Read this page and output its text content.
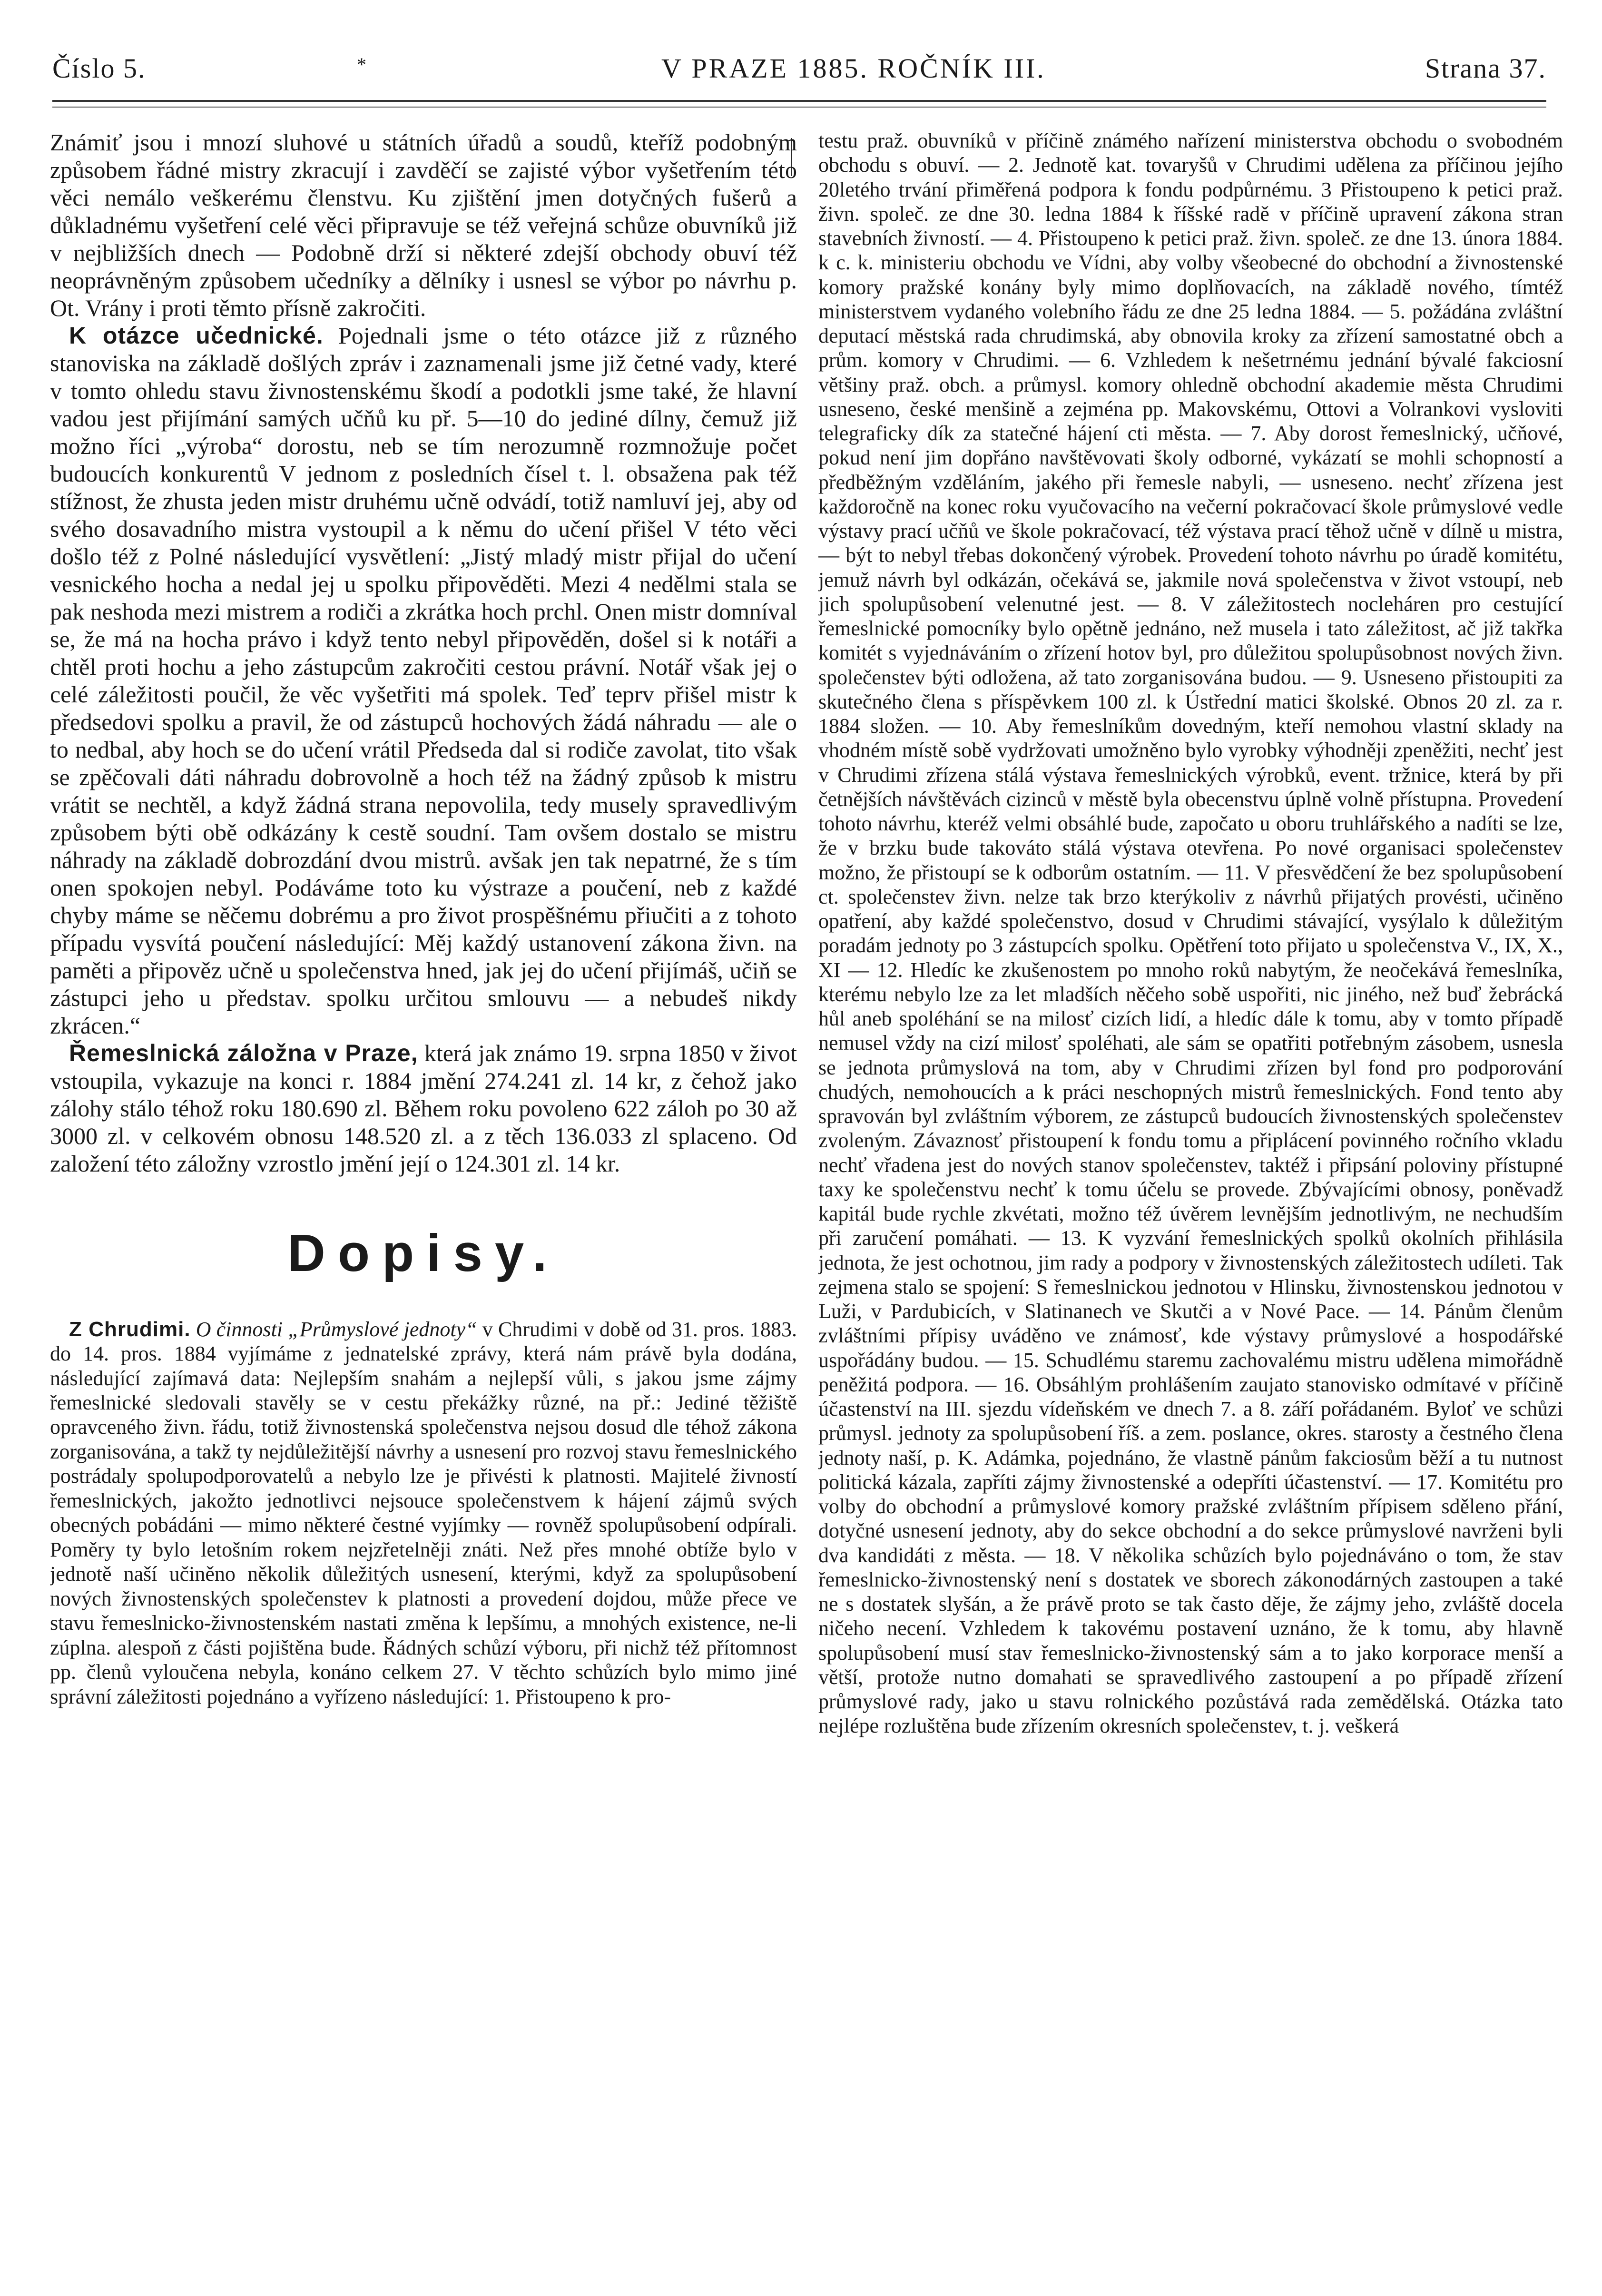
Číslo 5.	*	V PRAZE 1885. ROČNÍK III.	Strana 37.

Známiť jsou i mnozí sluhové u státních úřadů a soudů, kteříž podobným způsobem řádné mistry zkracují i zavděčí se zajisté výbor vyšetřením této věci nemálo veškerému členstvu. Ku zjištění jmen dotyčných fušerů a důkladnému vyšetření celé věci připravuje se též veřejná schůze obuvníků již v nejbližších dnech — Podobně drží si některé zdejší obchody obuví též neoprávněným způsobem učedníky a dělníky i usnesl se výbor po návrhu p. Ot. Vrány i proti těmto přísně zakročiti.

K otázce učednické. Pojednali jsme o této otázce již z různého stanoviska na základě došlých zpráv i zaznamenali jsme již četné vady, které v tomto ohledu stavu živnostenskému škodí a podotkli jsme také, že hlavní vadou jest přijímání samých učňů ku př. 5—10 do jediné dílny, čemuž již možno říci „výroba“ dorostu, neb se tím nerozumně rozmnožuje počet budoucích konkurentů V jednom z posledních čísel t. l. obsažena pak též stížnost, že zhusta jeden mistr druhému učně odvádí, totiž namluví jej, aby od svého dosavadního mistra vystoupil a k němu do učení přišel V této věci došlo též z Polné následující vysvětlení: „Jistý mladý mistr přijal do učení vesnického hocha a nedal jej u spolku připověděti. Mezi 4 nedělmi stala se pak neshoda mezi mistrem a rodiči a zkrátka hoch prchl. Onen mistr domníval se, že má na hocha právo i když tento nebyl připověděn, došel si k notáři a chtěl proti hochu a jeho zástupcům zakročiti cestou právní. Notář však jej o celé záležitosti poučil, že věc vyšetřiti má spolek. Teď teprv přišel mistr k předsedovi spolku a pravil, že od zástupců hochových žádá náhradu — ale o to nedbal, aby hoch se do učení vrátil Předseda dal si rodiče zavolat, tito však se zpěčovali dáti náhradu dobrovolně a hoch též na žádný způsob k mistru vrátit se nechtěl, a když žádná strana nepovolila, tedy musely spravedlivým způsobem býti obě odkázány k cestě soudní. Tam ovšem dostalo se mistru náhrady na základě dobrozdání dvou mistrů. avšak jen tak nepatrné, že s tím onen spokojen nebyl. Podáváme toto ku výstraze a poučení, neb z každé chyby máme se něčemu dobrému a pro život prospěšnému přiučiti a z tohoto případu vysvítá poučení následující: Měj každý ustanovení zákona živn. na paměti a připověz učně u společenstva hned, jak jej do učení přijímáš, učiň se zástupci jeho u představ. spolku určitou smlouvu — a nebudeš nikdy zkrácen.“

Řemeslnická záložna v Praze, která jak známo 19. srpna 1850 v život vstoupila, vykazuje na konci r. 1884 jmění 274.241 zl. 14 kr, z čehož jako zálohy stálo téhož roku 180.690 zl. Během roku povoleno 622 záloh po 30 až 3000 zl. v celkovém obnosu 148.520 zl. a z těch 136.033 zl splaceno. Od založení této záložny vzrostlo jmění její o 124.301 zl. 14 kr.

Dopisy.

Z Chrudimi. O činnosti „Průmyslové jednoty“ v Chrudimi v době od 31. pros. 1883. do 14. pros. 1884 vyjímáme z jednatelské zprávy, která nám právě byla dodána, následující zajímavá data: Nejlepším snahám a nejlepší vůli, s jakou jsme zájmy řemeslnické sledovali stavěly se v cestu překážky různé, na př.: Jediné těžiště opravceného živn. řádu, totiž živnostenská společenstva nejsou dosud dle téhož zákona zorganisována, a takž ty nejdůležitější návrhy a usnesení pro rozvoj stavu řemeslnického postrádaly spolupodporovatelů a nebylo lze je přivésti k platnosti. Majitelé živností řemeslnických, jakožto jednotlivci nejsouce společenstvem k hájení zájmů svých obecných pobádáni — mimo některé čestné vyjímky — rovněž spolupůsobení odpírali. Poměry ty bylo letošním rokem nejzřetelněji znáti. Než přes mnohé obtíže bylo v jednotě naší učiněno několik důležitých usnesení, kterými, když za spolupůsobení nových živnostenských společenstev k platnosti a provedení dojdou, může přece ve stavu řemeslnicko-živnostenském nastati změna k lepšímu, a mnohých existence, ne-li zúplna. alespoň z části pojištěna bude. Řádných schůzí výboru, při nichž též přítomnost pp. členů vyloučena nebyla, konáno celkem 27. V těchto schůzích bylo mimo jiné správní záležitosti pojednáno a vyřízeno následující: 1. Přistoupeno k pro-

testu praž. obuvníků v příčině známého nařízení ministerstva obchodu o svobodném obchodu s obuví. — 2. Jednotě kat. tovaryšů v Chrudimi udělena za příčinou jejího 20letého trvání přiměřená podpora k fondu podpůrnému. 3 Přistoupeno k petici praž. živn. společ. ze dne 30. ledna 1884 k říšské radě v příčině upravení zákona stran stavebních živností. — 4. Přistoupeno k petici praž. živn. společ. ze dne 13. února 1884. k c. k. ministeriu obchodu ve Vídni, aby volby všeobecné do obchodní a živnostenské komory pražské konány byly mimo doplňovacích, na základě nového, tímtéž ministerstvem vydaného volebního řádu ze dne 25 ledna 1884. — 5. požádána zvláštní deputací městská rada chrudimská, aby obnovila kroky za zřízení samostatné obch a prům. komory v Chrudimi. — 6. Vzhledem k nešetrnému jednání bývalé fakciosní většiny praž. obch. a průmysl. komory ohledně obchodní akademie města Chrudimi usneseno, české menšině a zejména pp. Makovskému, Ottovi a Volrankovi vysloviti telegraficky dík za statečné hájení cti města. — 7. Aby dorost řemeslnický, učňové, pokud není jim dopřáno navštěvovati školy odborné, vykázatí se mohli schopností a předběžným vzděláním, jakého při řemesle nabyli, — usneseno. nechť zřízena jest každoročně na konec roku vyučovacího na večerní pokračovací škole průmyslové vedle výstavy prací učňů ve škole pokračovací, též výstava prací těhož učně v dílně u mistra, — být to nebyl třebas dokončený výrobek. Provedení tohoto návrhu po úradě komitétu, jemuž návrh byl odkázán, očekává se, jakmile nová společenstva v život vstoupí, neb jich spolupůsobení velenutné jest. — 8. V záležitostech nocleháren pro cestující řemeslnické pomocníky bylo opětně jednáno, než musela i tato záležitost, ač již takřka komitét s vyjednáváním o zřízení hotov byl, pro důležitou spolupůsobnost nových živn. společenstev býti odložena, až tato zorganisována budou. — 9. Usneseno přistoupiti za skutečného člena s příspěvkem 100 zl. k Ústřední matici školské. Obnos 20 zl. za r. 1884 složen. — 10. Aby řemeslníkům dovedným, kteří nemohou vlastní sklady na vhodném místě sobě vydržovati umožněno bylo vyrobky výhodněji zpeněžiti, nechť jest v Chrudimi zřízena stálá výstava řemeslnických výrobků, event. tržnice, která by při četnějších návštěvách cizinců v městě byla obecenstvu úplně volně přístupna. Provedení tohoto návrhu, kteréž velmi obsáhlé bude, započato u oboru truhlářského a nadíti se lze, že v brzku bude takováto stálá výstava otevřena. Po nové organisaci společenstev možno, že přistoupí se k odborům ostatním. — 11. V přesvědčení že bez spolupůsobení ct. společenstev živn. nelze tak brzo kterýkoliv z návrhů přijatých provésti, učiněno opatření, aby každé společenstvo, dosud v Chrudimi stávající, vysýlalo k důležitým poradám jednoty po 3 zástupcích spolku. Opětření toto přijato u společenstva V., IX, X., XI — 12. Hledíc ke zkušenostem po mnoho roků nabytým, že neočekává řemeslníka, kterému nebylo lze za let mladších něčeho sobě uspořiti, nic jiného, než buď žebrácká hůl aneb spoléhání se na milosť cizích lidí, a hledíc dále k tomu, aby v tomto případě nemusel vždy na cizí milosť spoléhati, ale sám se opatřiti potřebným zásobem, usnesla se jednota průmyslová na tom, aby v Chrudimi zřízen byl fond pro podporování chudých, nemohoucích a k práci neschopných mistrů řemeslnických. Fond tento aby spravován byl zvláštním výborem, ze zástupců budoucích živnostenských společenstev zvoleným. Závaznosť přistoupení k fondu tomu a připlácení povinného ročního vkladu nechť vřadena jest do nových stanov společenstev, taktéž i připsání poloviny přístupné taxy ke společenstvu nechť k tomu účelu se provede. Zbývajícími obnosy, poněvadž kapitál bude rychle zkvétati, možno též úvěrem levnějším jednotlivým, ne nechudším při zaručení pomáhati. — 13. K vyzvání řemeslnických spolků okolních přihlásila jednota, že jest ochotnou, jim rady a podpory v živnostenských záležitostech udíleti. Tak zejmena stalo se spojení: S řemeslnickou jednotou v Hlinsku, živnostenskou jednotou v Luži, v Pardubicích, v Slatinanech ve Skutči a v Nové Pace. — 14. Pánům členům zvláštními přípisy uváděno ve známosť, kde výstavy průmyslové a hospodářské uspořádány budou. — 15. Schudlému staremu zachovalému mistru udělena mimořádně peněžitá podpora. — 16. Obsáhlým prohlášením zaujato stanovisko odmítavé v příčině účastenství na III. sjezdu vídeňském ve dnech 7. a 8. září pořádaném. Byloť ve schůzi průmysl. jednoty za spolupůsobení říš. a zem. poslance, okres. starosty a čestného člena jednoty naší, p. K. Adámka, pojednáno, že vlastně pánům fakciosům běží a tu nutnost politická kázala, zapříti zájmy živnostenské a odepříti účastenství. — 17. Komitétu pro volby do obchodní a průmyslové komory pražské zvláštním přípisem sděleno přání, dotyčné usnesení jednoty, aby do sekce obchodní a do sekce průmyslové navrženi byli dva kandidáti z města. — 18. V několika schůzích bylo pojednáváno o tom, že stav řemeslnicko-živnostenský není s dostatek ve sborech zákonodárných zastoupen a také ne s dostatek slyšán, a že právě proto se tak často děje, že zájmy jeho, zvláště docela ničeho necení. Vzhledem k takovému postavení uznáno, že k tomu, aby hlavně spolupůsobení musí stav řemeslnicko-živnostenský sám a to jako korporace menší a větší, protože nutno domahati se spravedlivého zastoupení a po případě zřízení průmyslové rady, jako u stavu rolnického pozůstává rada zemědělská. Otázka tato nejlépe rozluštěna bude zřízením okresních společenstev, t. j. veškerá
